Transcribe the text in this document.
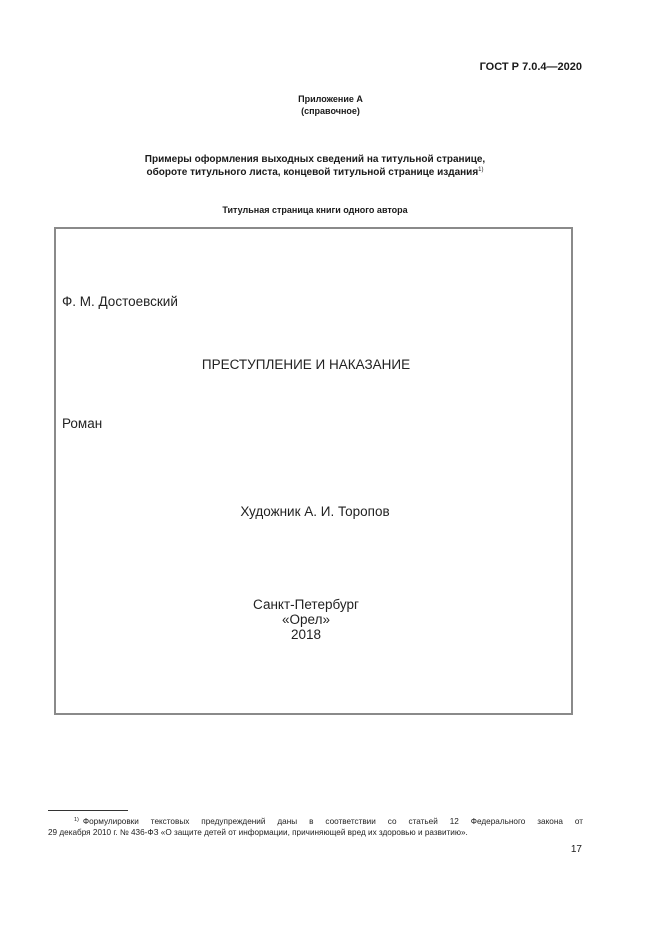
ГОСТ Р 7.0.4—2020
Приложение А
(справочное)
Примеры оформления выходных сведений на титульной странице,
обороте титульного листа, концевой титульной странице издания$^{1)}$
Титульная страница книги одного автора
Ф. М. Достоевский
ПРЕСТУПЛЕНИЕ И НАКАЗАНИЕ
Роман
Художник А. И. Торопов
Санкт-Петербург
«Орел»
2018
$^{1)}$ Формулировки текстовых предупреждений даны в соответствии со статьей 12 Федерального закона от
29 декабря 2010 г. № 436-ФЗ «О защите детей от информации, причиняющей вред их здоровью и развитию».
17
